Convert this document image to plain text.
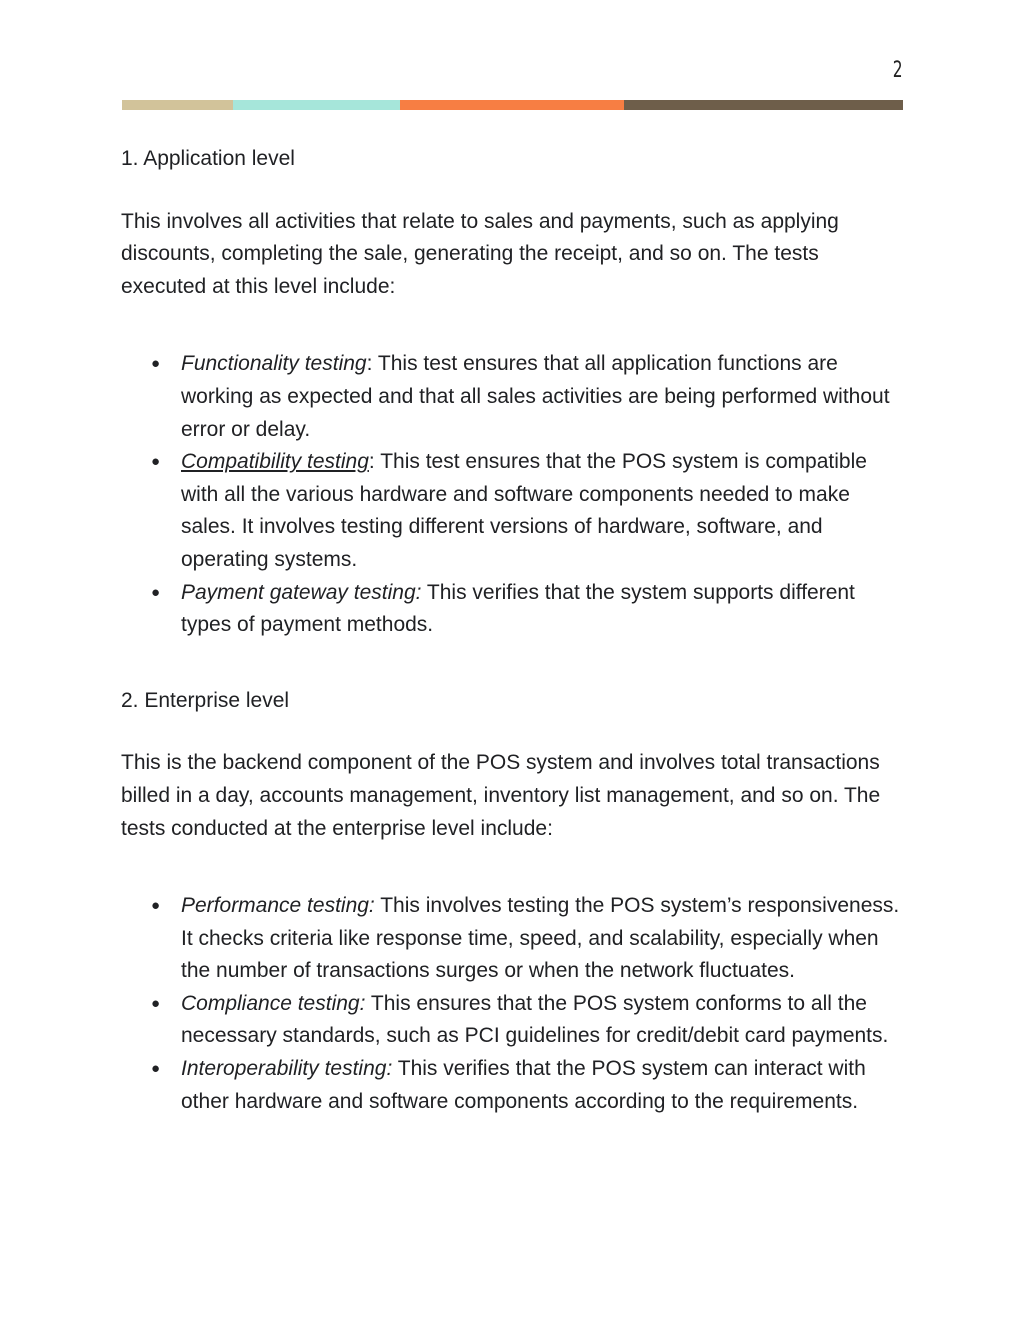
2

1. Application level

This involves all activities that relate to sales and payments, such as applying discounts, completing the sale, generating the receipt, and so on. The tests executed at this level include:

● Functionality testing: This test ensures that all application functions are working as expected and that all sales activities are being performed without error or delay.
● Compatibility testing: This test ensures that the POS system is compatible with all the various hardware and software components needed to make sales. It involves testing different versions of hardware, software, and operating systems.
● Payment gateway testing: This verifies that the system supports different types of payment methods.

2. Enterprise level

This is the backend component of the POS system and involves total transactions billed in a day, accounts management, inventory list management, and so on. The tests conducted at the enterprise level include:

● Performance testing: This involves testing the POS system’s responsiveness. It checks criteria like response time, speed, and scalability, especially when the number of transactions surges or when the network fluctuates.
● Compliance testing: This ensures that the POS system conforms to all the necessary standards, such as PCI guidelines for credit/debit card payments.
● Interoperability testing: This verifies that the POS system can interact with other hardware and software components according to the requirements.
